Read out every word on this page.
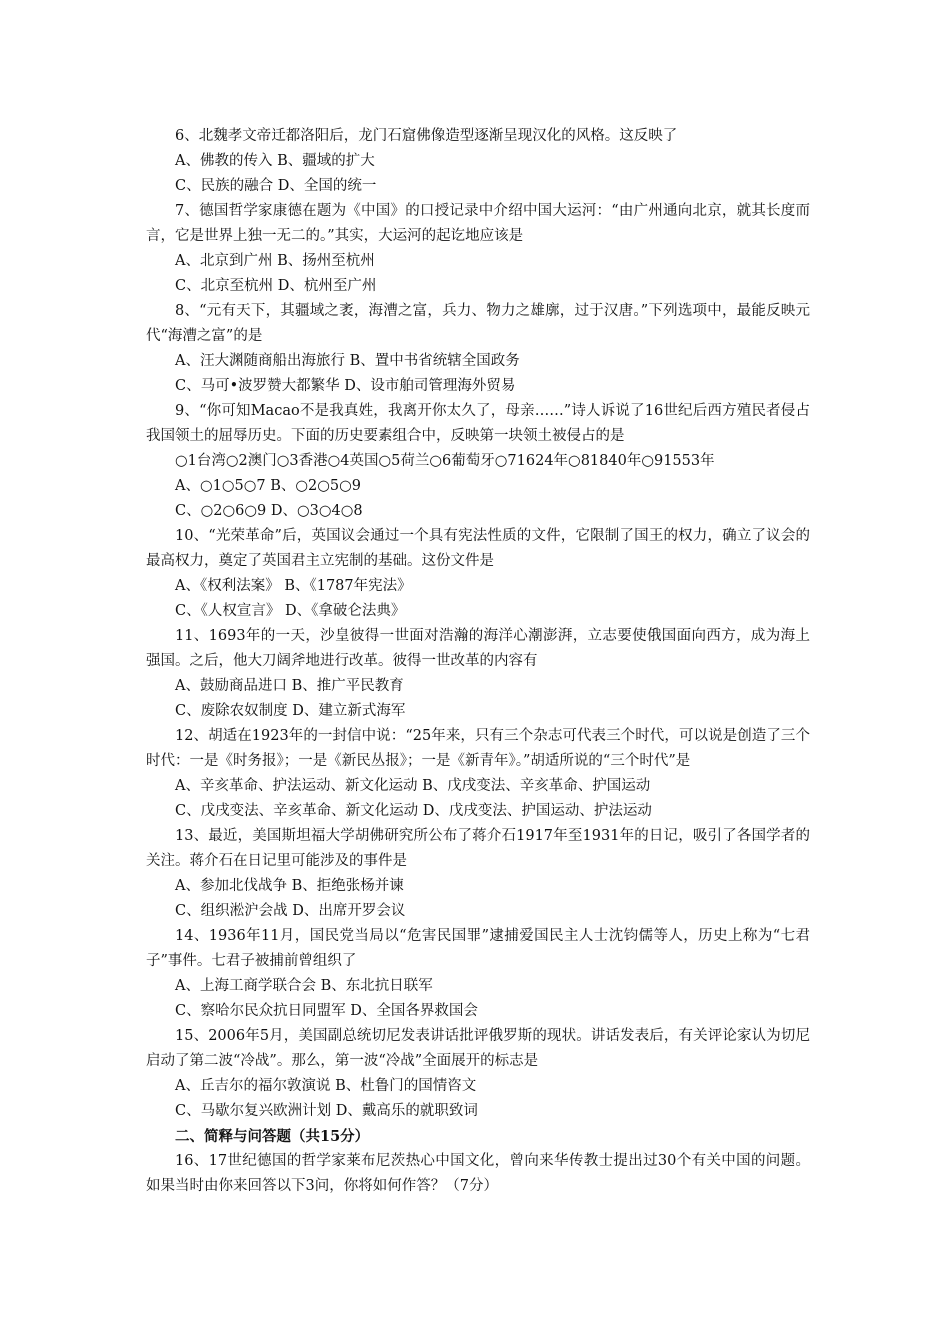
6、北魏孝文帝迁都洛阳后，龙门石窟佛像造型逐渐呈现汉化的风格。这反映了
A、佛教的传入 B、疆域的扩大
C、民族的融合 D、全国的统一
7、德国哲学家康德在题为《中国》的口授记录中介绍中国大运河：“由广州通向北京，就其长度而言，它是世界上独一无二的。”其实，大运河的起讫地应该是
A、北京到广州 B、扬州至杭州
C、北京至杭州 D、杭州至广州
8、“元有天下，其疆域之袤，海漕之富，兵力、物力之雄廓，过于汉唐。”下列选项中，最能反映元代“海漕之富”的是
A、汪大渊随商船出海旅行 B、置中书省统辖全国政务
C、马可•波罗赞大都繁华 D、设市舶司管理海外贸易
9、“你可知Macao不是我真姓，我离开你太久了，母亲……”诗人诉说了16世纪后西方殖民者侵占我国领土的屈辱历史。下面的历史要素组合中，反映第一块领土被侵占的是
○1台湾○2澳门○3香港○4英国○5荷兰○6葡萄牙○71624年○81840年○91553年
A、○1○5○7 B、○2○5○9
C、○2○6○9 D、○3○4○8
10、“光荣革命”后，英国议会通过一个具有宪法性质的文件，它限制了国王的权力，确立了议会的最高权力，奠定了英国君主立宪制的基础。这份文件是
A、《权利法案》 B、《1787年宪法》
C、《人权宣言》 D、《拿破仑法典》
11、1693年的一天，沙皇彼得一世面对浩瀚的海洋心潮澎湃，立志要使俄国面向西方，成为海上强国。之后，他大刀阔斧地进行改革。彼得一世改革的内容有
A、鼓励商品进口 B、推广平民教育
C、废除农奴制度 D、建立新式海军
12、胡适在1923年的一封信中说：“25年来，只有三个杂志可代表三个时代，可以说是创造了三个时代：一是《时务报》；一是《新民丛报》；一是《新青年》。”胡适所说的“三个时代”是
A、辛亥革命、护法运动、新文化运动 B、戊戌变法、辛亥革命、护国运动
C、戊戌变法、辛亥革命、新文化运动 D、戊戌变法、护国运动、护法运动
13、最近，美国斯坦福大学胡佛研究所公布了蒋介石1917年至1931年的日记，吸引了各国学者的关注。蒋介石在日记里可能涉及的事件是
A、参加北伐战争 B、拒绝张杨并谏
C、组织淞沪会战 D、出席开罗会议
14、1936年11月，国民党当局以“危害民国罪”逮捕爱国民主人士沈钧儒等人，历史上称为“七君子”事件。七君子被捕前曾组织了
A、上海工商学联合会 B、东北抗日联军
C、察哈尔民众抗日同盟军 D、全国各界救国会
15、2006年5月，美国副总统切尼发表讲话批评俄罗斯的现状。讲话发表后，有关评论家认为切尼启动了第二波“冷战”。那么，第一波“冷战”全面展开的标志是
A、丘吉尔的福尔敦演说 B、杜鲁门的国情咨文
C、马歇尔复兴欧洲计划 D、戴高乐的就职致词
二、简释与问答题（共15分）
16、17世纪德国的哲学家莱布尼茨热心中国文化，曾向来华传教士提出过30个有关中国的问题。如果当时由你来回答以下3问，你将如何作答？（7分）
